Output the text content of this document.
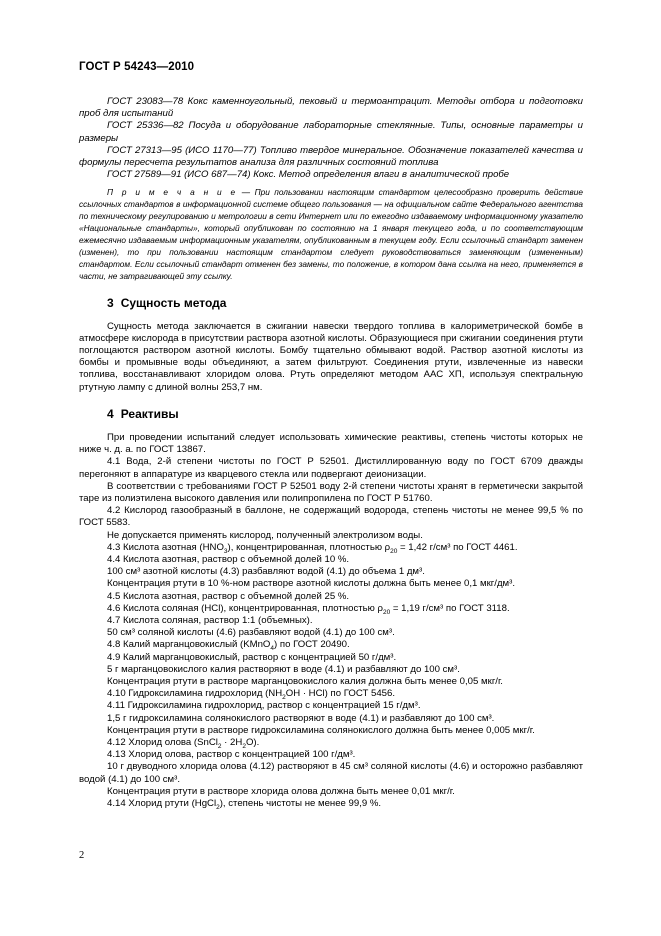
ГОСТ Р 54243—2010

ГОСТ 23083—78 Кокс каменноугольный, пековый и термоантрацит. Методы отбора и подготовки проб для испытаний

ГОСТ 25336—82 Посуда и оборудование лабораторные стеклянные. Типы, основные параметры и размеры

ГОСТ 27313—95 (ИСО 1170—77) Топливо твердое минеральное. Обозначение показателей качества и формулы пересчета результатов анализа для различных состояний топлива

ГОСТ 27589—91 (ИСО 687—74) Кокс. Метод определения влаги в аналитической пробе

П р и м е ч а н и е — При пользовании настоящим стандартом целесообразно проверить действие ссылочных стандартов в информационной системе общего пользования — на официальном сайте Федерального агентства по техническому регулированию и метрологии в сети Интернет или по ежегодно издаваемому информационному указателю «Национальные стандарты», который опубликован по состоянию на 1 января текущего года, и по соответствующим ежемесячно издаваемым информационным указателям, опубликованным в текущем году. Если ссылочный стандарт заменен (изменен), то при пользовании настоящим стандартом следует руководствоваться заменяющим (измененным) стандартом. Если ссылочный стандарт отменен без замены, то положение, в котором дана ссылка на него, применяется в части, не затрагивающей эту ссылку.

3 Сущность метода

Сущность метода заключается в сжигании навески твердого топлива в калориметрической бомбе в атмосфере кислорода в присутствии раствора азотной кислоты. Образующиеся при сжигании соединения ртути поглощаются раствором азотной кислоты. Бомбу тщательно обмывают водой. Раствор азотной кислоты из бомбы и промывные воды объединяют, а затем фильтруют. Соединения ртути, извлеченные из навески топлива, восстанавливают хлоридом олова. Ртуть определяют методом ААС ХП, используя спектральную ртутную лампу с длиной волны 253,7 нм.

4 Реактивы

При проведении испытаний следует использовать химические реактивы, степень чистоты которых не ниже ч. д. а. по ГОСТ 13867.

4.1 Вода, 2-й степени чистоты по ГОСТ Р 52501. Дистиллированную воду по ГОСТ 6709 дважды перегоняют в аппаратуре из кварцевого стекла или подвергают деионизации.

В соответствии с требованиями ГОСТ Р 52501 воду 2-й степени чистоты хранят в герметически закрытой таре из полиэтилена высокого давления или полипропилена по ГОСТ Р 51760.

4.2 Кислород газообразный в баллоне, не содержащий водорода, степень чистоты не менее 99,5 % по ГОСТ 5583.

Не допускается применять кислород, полученный электролизом воды.

4.3 Кислота азотная $(HNO_3)$, концентрированная, плотностью $\rho_{20} = 1,42$ г/см³ по ГОСТ 4461.

4.4 Кислота азотная, раствор с объемной долей 10 %.

100 см³ азотной кислоты (4.3) разбавляют водой (4.1) до объема 1 дм³.

Концентрация ртути в 10 %-ном растворе азотной кислоты должна быть менее 0,1 мкг/дм³.

4.5 Кислота азотная, раствор с объемной долей 25 %.

4.6 Кислота соляная (HCl), концентрированная, плотностью $\rho_{20} = 1,19$ г/см³ по ГОСТ 3118.

4.7 Кислота соляная, раствор 1:1 (объемных).

50 см³ соляной кислоты (4.6) разбавляют водой (4.1) до 100 см³.

4.8 Калий марганцовокислый (KMnO$_4$) по ГОСТ 20490.

4.9 Калий марганцовокислый, раствор с концентрацией 50 г/дм³.

5 г марганцовокислого калия растворяют в воде (4.1) и разбавляют до 100 см³.

Концентрация ртути в растворе марганцовокислого калия должна быть менее 0,05 мкг/г.

4.10 Гидроксиламина гидрохлорид $(NH_2OH \cdot HCl)$ по ГОСТ 5456.

4.11 Гидроксиламина гидрохлорид, раствор с концентрацией 15 г/дм³.

1,5 г гидроксиламина солянокислого растворяют в воде (4.1) и разбавляют до 100 см³.

Концентрация ртути в растворе гидроксиламина солянокислого должна быть менее 0,005 мкг/г.

4.12 Хлорид олова (SnCl$_2$ · $2H_2O$).

4.13 Хлорид олова, раствор с концентрацией 100 г/дм³.

10 г двуводного хлорида олова (4.12) растворяют в 45 см³ соляной кислоты (4.6) и осторожно разбавляют водой (4.1) до 100 см³.

Концентрация ртути в растворе хлорида олова должна быть менее 0,01 мкг/г.

4.14 Хлорид ртути (HgCl$_2$), степень чистоты не менее 99,9 %.

2
